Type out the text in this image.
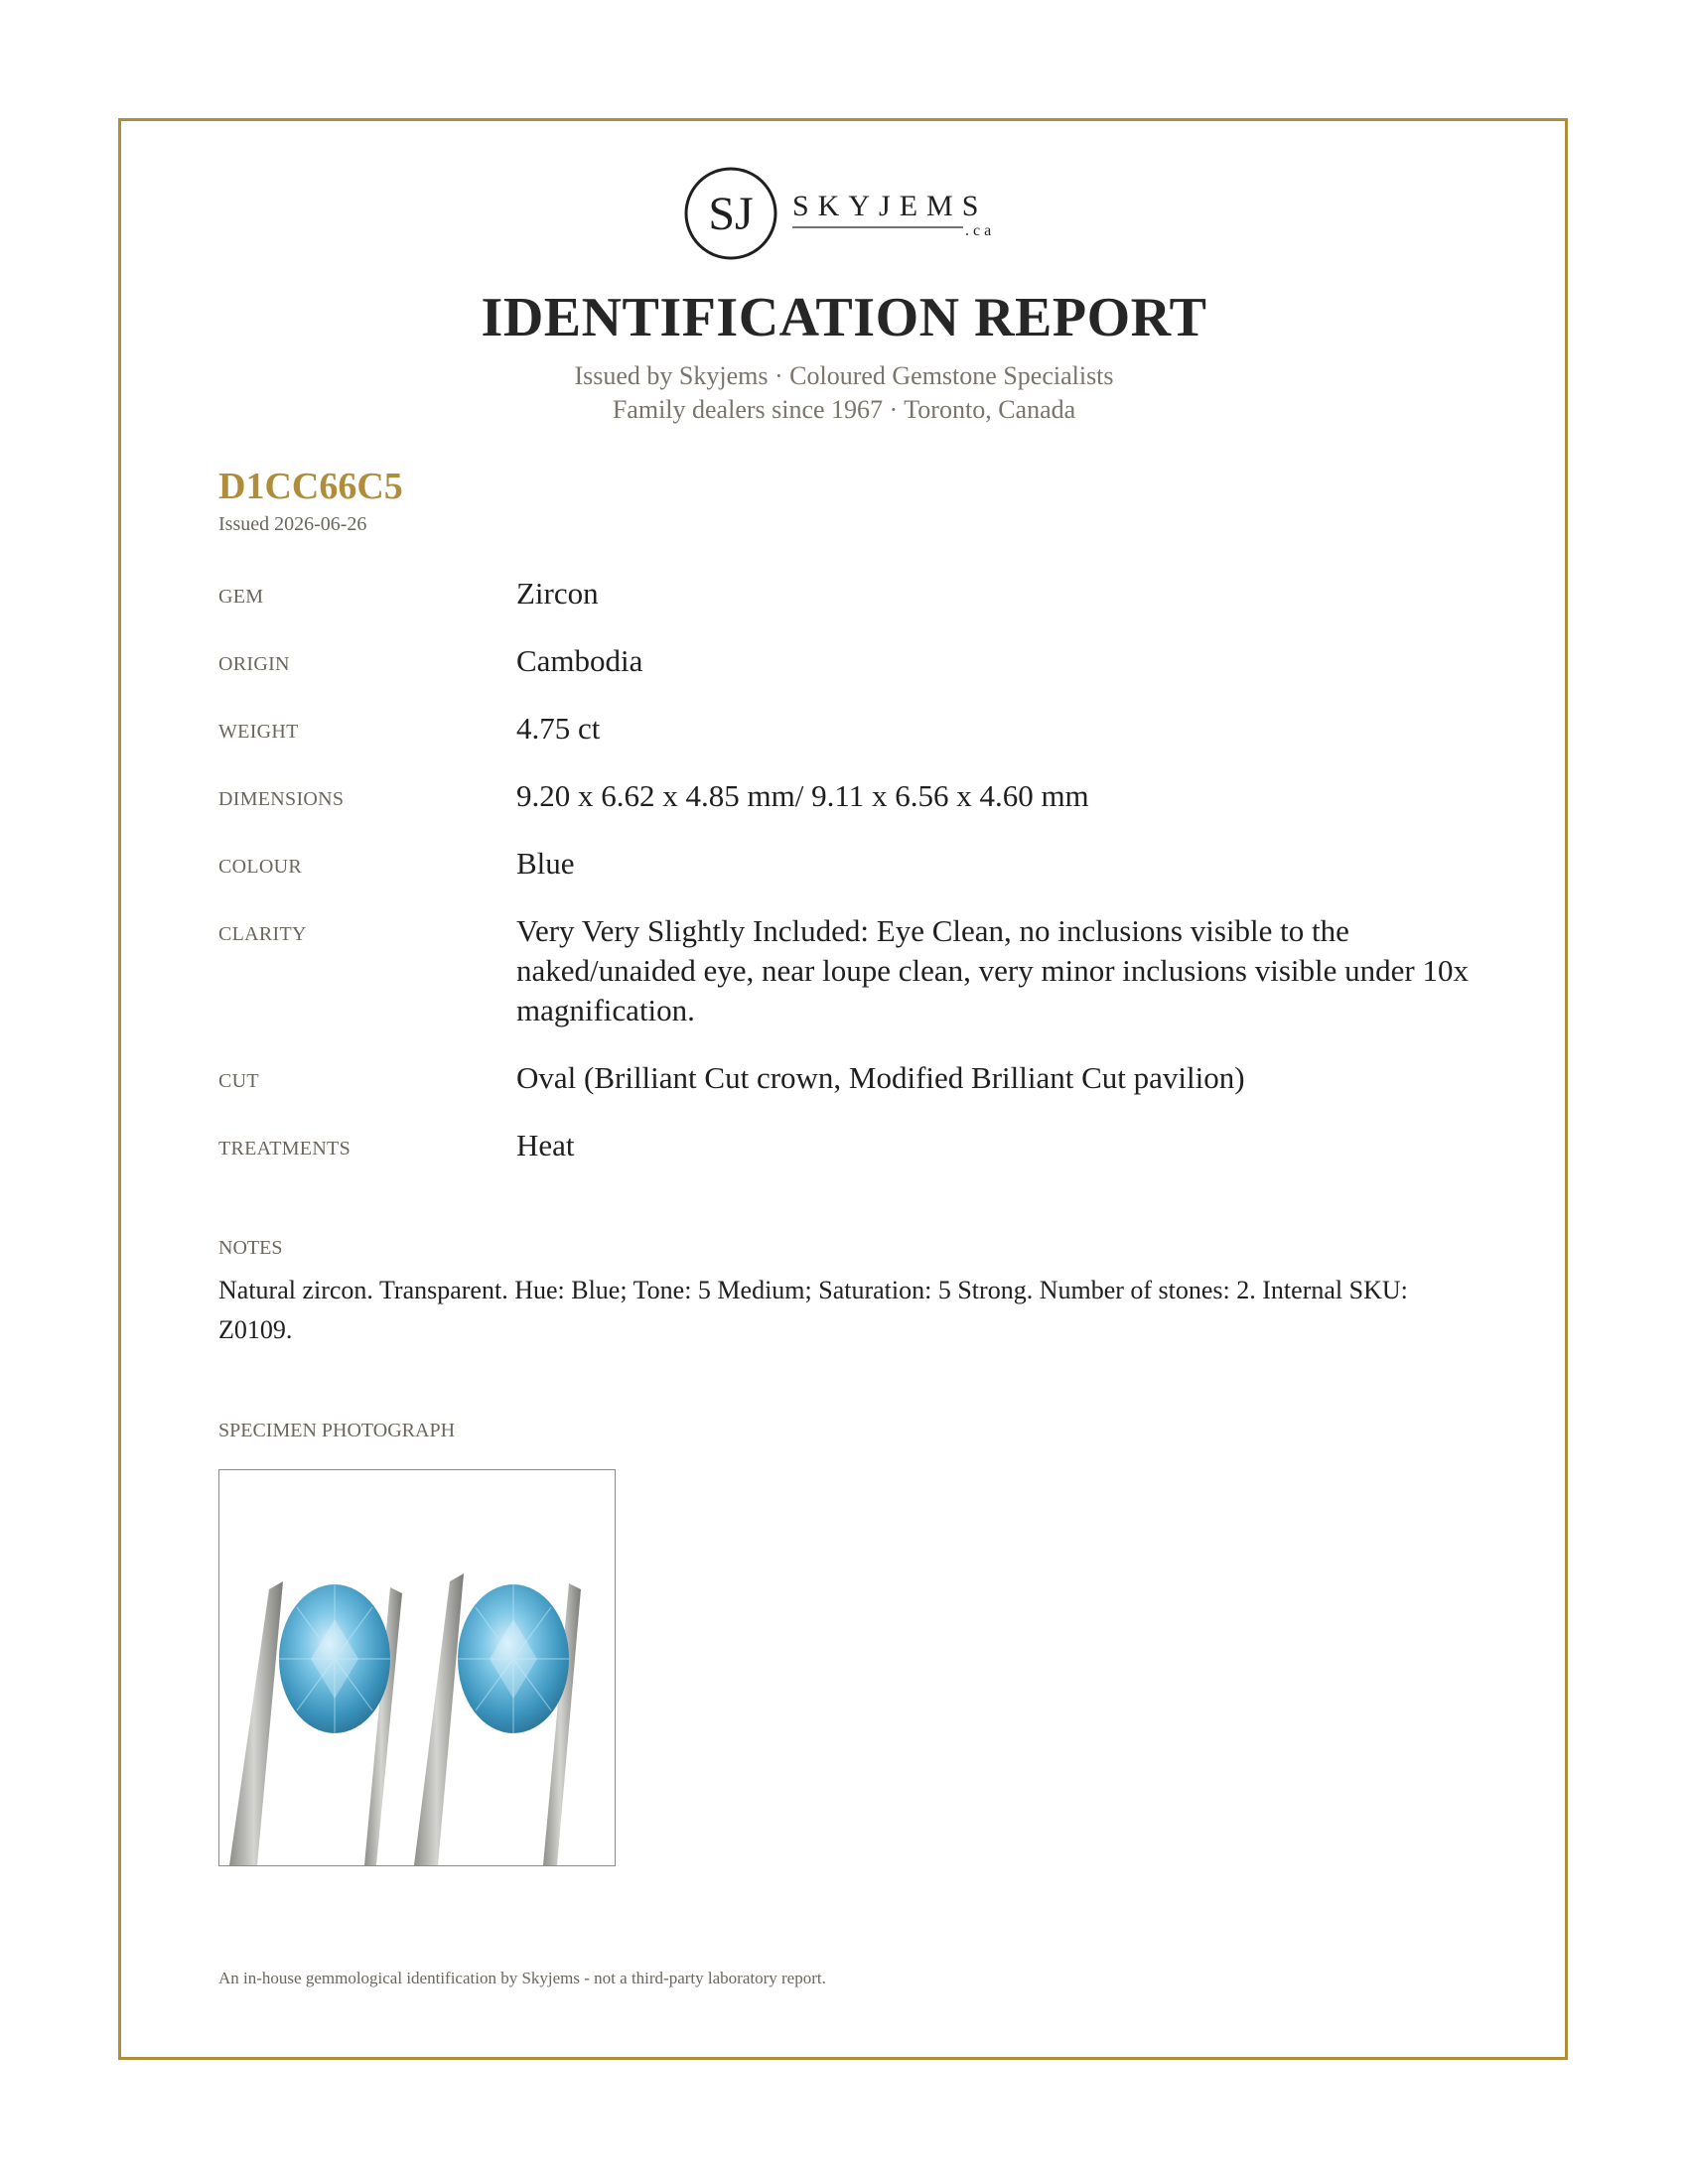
SJ SKYJEMS
.ca
IDENTIFICATION REPORT
Issued by Skyjems · Coloured Gemstone Specialists
Family dealers since 1967 · Toronto, Canada
D1CC66C5
Issued 2026-06-26
GEM	Zircon
ORIGIN	Cambodia
WEIGHT	4.75 ct
DIMENSIONS	9.20 x 6.62 x 4.85 mm/ 9.11 x 6.56 x 4.60 mm
COLOUR	Blue
CLARITY	Very Very Slightly Included: Eye Clean, no inclusions visible to the naked/unaided eye, near loupe clean, very minor inclusions visible under 10x magnification.
CUT	Oval (Brilliant Cut crown, Modified Brilliant Cut pavilion)
TREATMENTS	Heat
NOTES
Natural zircon. Transparent. Hue: Blue; Tone: 5 Medium; Saturation: 5 Strong. Number of stones: 2. Internal SKU: Z0109.
SPECIMEN PHOTOGRAPH
An in-house gemmological identification by Skyjems - not a third-party laboratory report.
